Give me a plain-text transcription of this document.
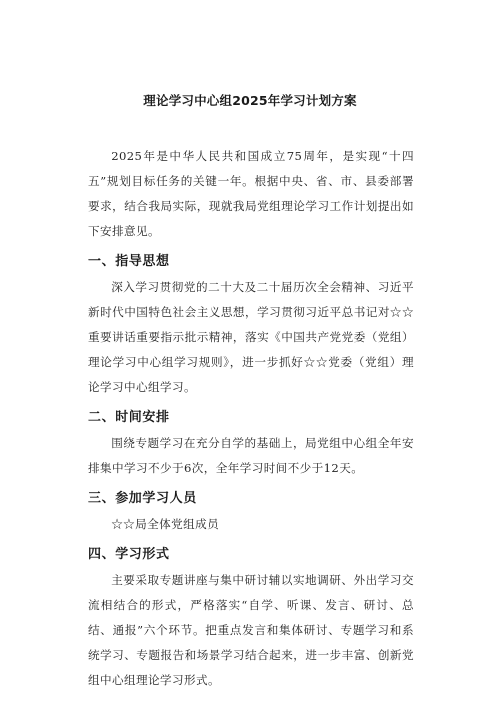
理论学习中心组2025年学习计划方案

2025年是中华人民共和国成立75周年，是实现“十四五”规划目标任务的关键一年。根据中央、省、市、县委部署要求，结合我局实际，现就我局党组理论学习工作计划提出如下安排意见。

一、指导思想

深入学习贯彻党的二十大及二十届历次全会精神、习近平新时代中国特色社会主义思想，学习贯彻习近平总书记对☆☆重要讲话重要指示批示精神，落实《中国共产党党委（党组）理论学习中心组学习规则》，进一步抓好☆☆党委（党组）理论学习中心组学习。

二、时间安排

围绕专题学习在充分自学的基础上，局党组中心组全年安排集中学习不少于6次，全年学习时间不少于12天。

三、参加学习人员

☆☆局全体党组成员

四、学习形式

主要采取专题讲座与集中研讨辅以实地调研、外出学习交流相结合的形式，严格落实“自学、听课、发言、研讨、总结、通报”六个环节。把重点发言和集体研讨、专题学习和系统学习、专题报告和场景学习结合起来，进一步丰富、创新党组中心组理论学习形式。
